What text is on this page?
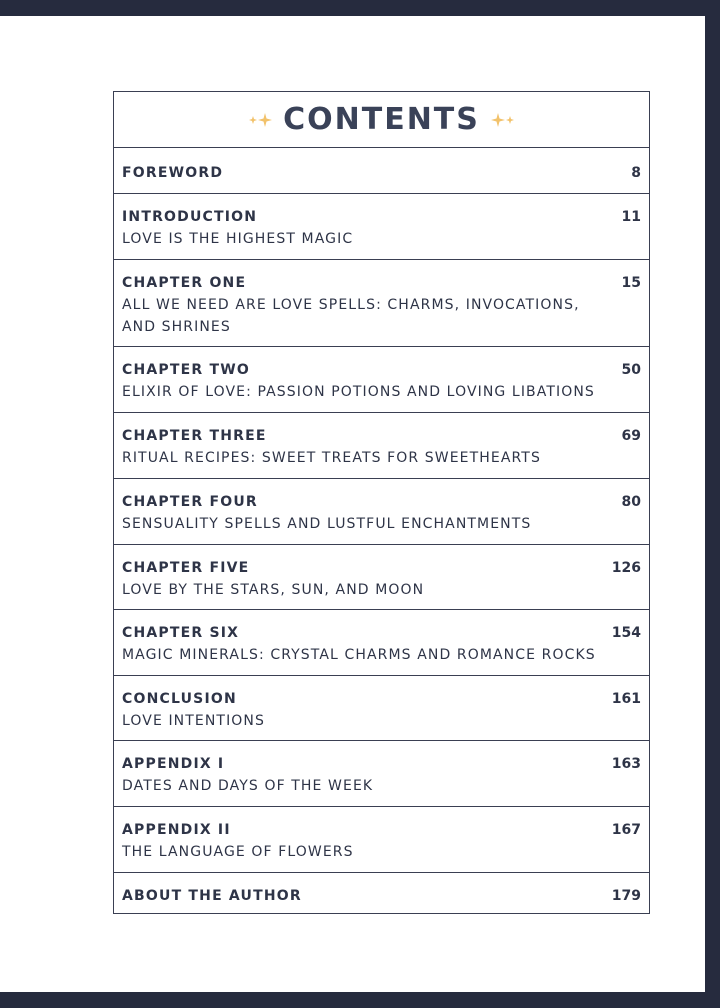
CONTENTS
FOREWORD	8
INTRODUCTION
LOVE IS THE HIGHEST MAGIC
11
CHAPTER ONE
ALL WE NEED ARE LOVE SPELLS: CHARMS, INVOCATIONS, AND SHRINES
15
CHAPTER TWO
ELIXIR OF LOVE: PASSION POTIONS AND LOVING LIBATIONS
50
CHAPTER THREE
RITUAL RECIPES: SWEET TREATS FOR SWEETHEARTS
69
CHAPTER FOUR
SENSUALITY SPELLS AND LUSTFUL ENCHANTMENTS
80
CHAPTER FIVE
LOVE BY THE STARS, SUN, AND MOON
126
CHAPTER SIX
MAGIC MINERALS: CRYSTAL CHARMS AND ROMANCE ROCKS
154
CONCLUSION
LOVE INTENTIONS
161
APPENDIX I
DATES AND DAYS OF THE WEEK
163
APPENDIX II
THE LANGUAGE OF FLOWERS
167
ABOUT THE AUTHOR	179
